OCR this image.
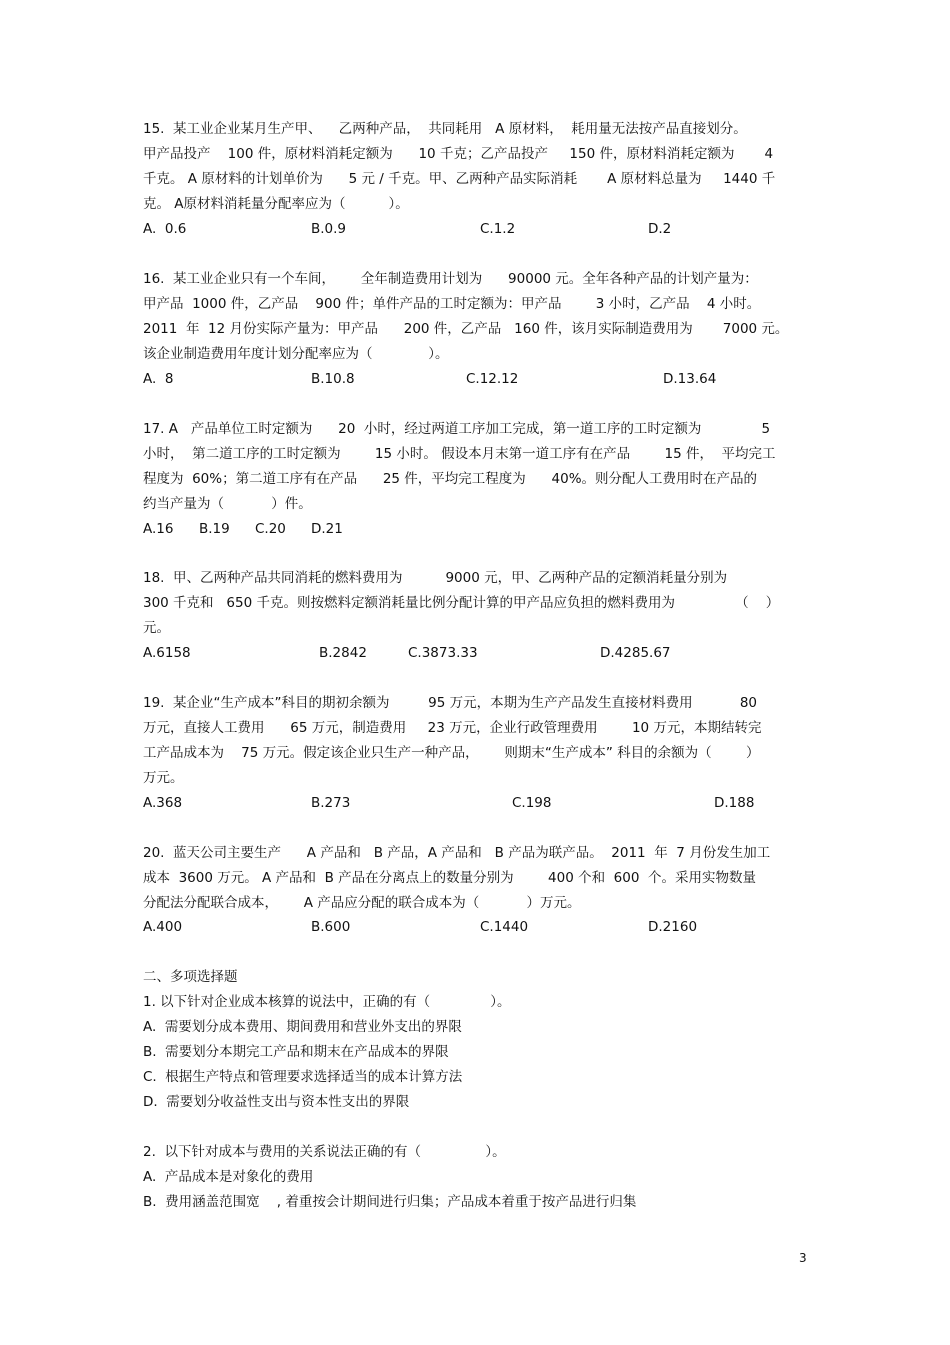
15.  某工业企业某月生产甲、    乙两种产品，  共同耗用   A 原材料，  耗用量无法按产品直接划分。
甲产品投产    100 件，原材料消耗定额为      10 千克；乙产品投产     150 件，原材料消耗定额为       4
千克。 A 原材料的计划单价为      5 元 / 千克。甲、乙两种产品实际消耗       A 原材料总量为     1440 千
克。 A原材料消耗量分配率应为（          ）。
A.  0.6	B.0.9	C.1.2	D.2
16.  某工业企业只有一个车间，      全年制造费用计划为      90000 元。全年各种产品的计划产量为：
甲产品  1000 件，乙产品    900 件；单件产品的工时定额为：甲产品        3 小时，乙产品    4 小时。
2011  年  12 月份实际产量为：甲产品      200 件，乙产品   160 件，该月实际制造费用为       7000 元。
该企业制造费用年度计划分配率应为（             ）。
A.  8	B.10.8	C.12.12	D.13.64
17. A   产品单位工时定额为      20  小时，经过两道工序加工完成，第一道工序的工时定额为              5
小时，  第二道工序的工时定额为        15 小时。 假设本月末第一道工序有在产品        15 件，  平均完工
程度为  60%；第二道工序有在产品      25 件，平均完工程度为      40%。则分配人工费用时在产品的
约当产量为（           ）件。
A.16 B.19 C.20 D.21
18.  甲、乙两种产品共同消耗的燃料费用为          9000 元，甲、乙两种产品的定额消耗量分别为
300 千克和   650 千克。则按燃料定额消耗量比例分配计算的甲产品应负担的燃料费用为              （    ）
元。
A.6158	B.2842	C.3873.33	D.4285.67
19.  某企业“生产成本”科目的期初余额为         95 万元，本期为生产产品发生直接材料费用           80
万元，直接人工费用      65 万元，制造费用     23 万元，企业行政管理费用        10 万元，本期结转完
工产品成本为    75 万元。假定该企业只生产一种产品，      则期末“生产成本” 科目的余额为（        ）
万元。
A.368	B.273	C.198	D.188
20.  蓝天公司主要生产      A 产品和   B 产品，A 产品和   B 产品为联产品。  2011  年  7 月份发生加工
成本  3600 万元。 A 产品和  B 产品在分离点上的数量分别为        400 个和  600  个。采用实物数量
分配法分配联合成本，      A 产品应分配的联合成本为（           ）万元。
A.400	B.600	C.1440	D.2160
二、多项选择题
1. 以下针对企业成本核算的说法中，正确的有（              ）。
A.  需要划分成本费用、期间费用和营业外支出的界限
B.  需要划分本期完工产品和期末在产品成本的界限
C.  根据生产特点和管理要求选择适当的成本计算方法
D.  需要划分收益性支出与资本性支出的界限
2.  以下针对成本与费用的关系说法正确的有（               ）。
A.  产品成本是对象化的费用
B.  费用涵盖范围宽    , 着重按会计期间进行归集；产品成本着重于按产品进行归集
3
